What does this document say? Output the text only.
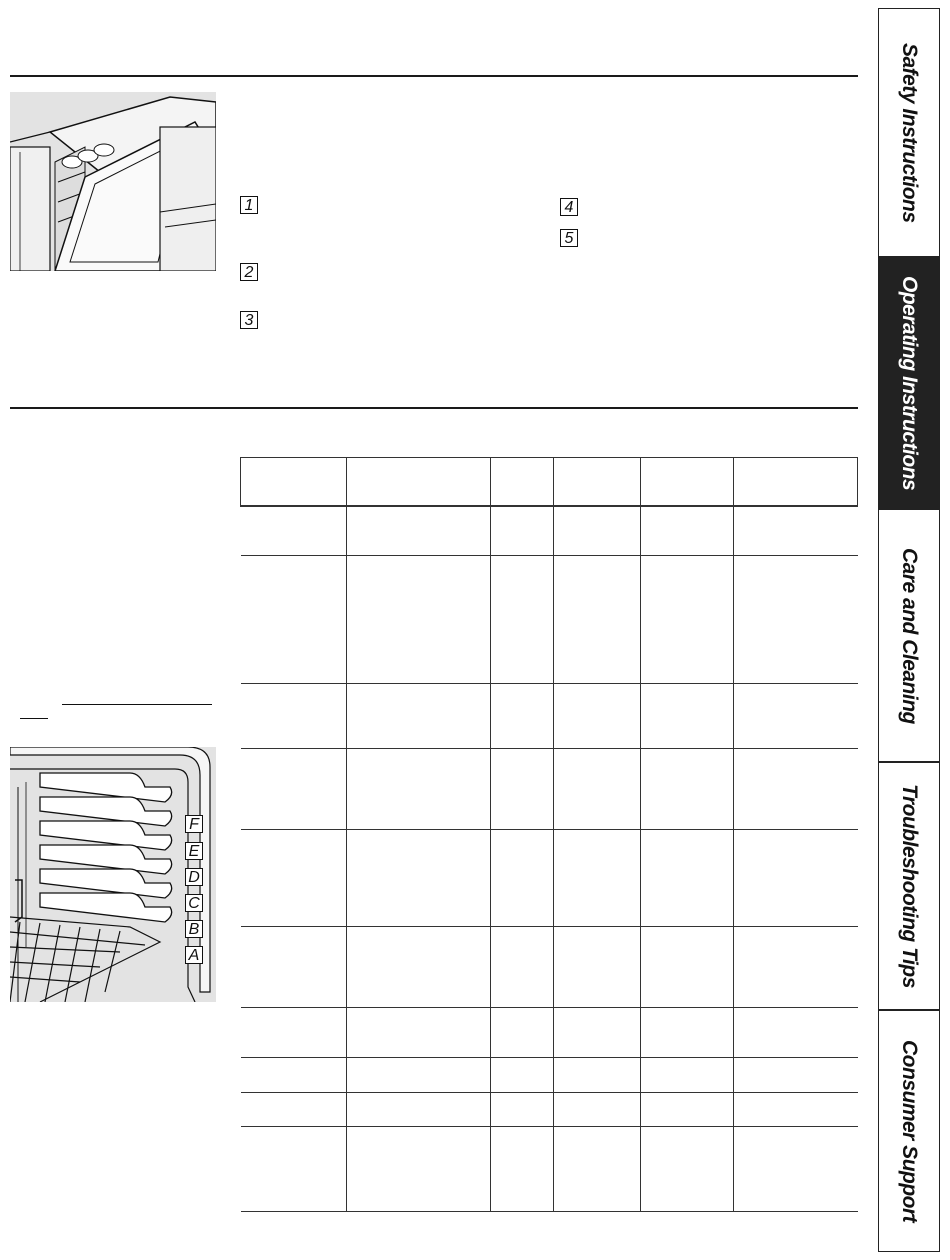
1
2
3
4
5
F
E
D
C
B
A

Safety Instructions
Operating Instructions
Care and Cleaning
Troubleshooting Tips
Consumer Support
